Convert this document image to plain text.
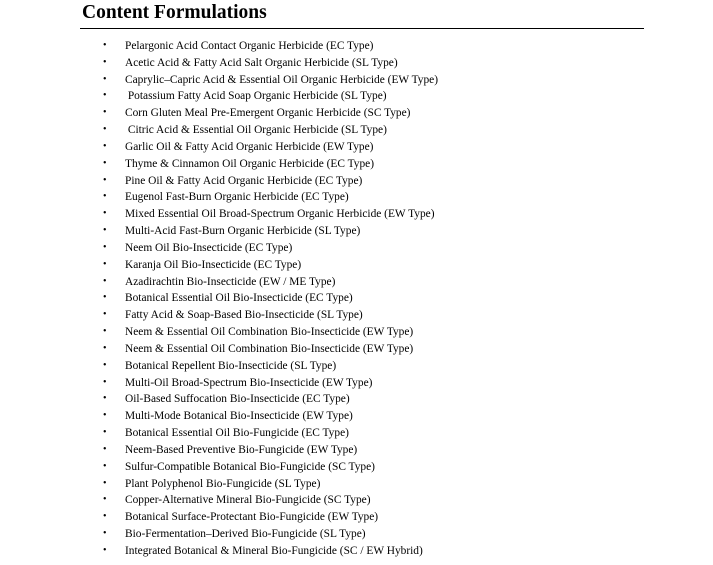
Content Formulations
• Pelargonic Acid Contact Organic Herbicide (EC Type)
• Acetic Acid & Fatty Acid Salt Organic Herbicide (SL Type)
• Caprylic–Capric Acid & Essential Oil Organic Herbicide (EW Type)
• Potassium Fatty Acid Soap Organic Herbicide (SL Type)
• Corn Gluten Meal Pre-Emergent Organic Herbicide (SC Type)
• Citric Acid & Essential Oil Organic Herbicide (SL Type)
• Garlic Oil & Fatty Acid Organic Herbicide (EW Type)
• Thyme & Cinnamon Oil Organic Herbicide (EC Type)
• Pine Oil & Fatty Acid Organic Herbicide (EC Type)
• Eugenol Fast-Burn Organic Herbicide (EC Type)
• Mixed Essential Oil Broad-Spectrum Organic Herbicide (EW Type)
• Multi-Acid Fast-Burn Organic Herbicide (SL Type)
• Neem Oil Bio-Insecticide (EC Type)
• Karanja Oil Bio-Insecticide (EC Type)
• Azadirachtin Bio-Insecticide (EW / ME Type)
• Botanical Essential Oil Bio-Insecticide (EC Type)
• Fatty Acid & Soap-Based Bio-Insecticide (SL Type)
• Neem & Essential Oil Combination Bio-Insecticide (EW Type)
• Neem & Essential Oil Combination Bio-Insecticide (EW Type)
• Botanical Repellent Bio-Insecticide (SL Type)
• Multi-Oil Broad-Spectrum Bio-Insecticide (EW Type)
• Oil-Based Suffocation Bio-Insecticide (EC Type)
• Multi-Mode Botanical Bio-Insecticide (EW Type)
• Botanical Essential Oil Bio-Fungicide (EC Type)
• Neem-Based Preventive Bio-Fungicide (EW Type)
• Sulfur-Compatible Botanical Bio-Fungicide (SC Type)
• Plant Polyphenol Bio-Fungicide (SL Type)
• Copper-Alternative Mineral Bio-Fungicide (SC Type)
• Botanical Surface-Protectant Bio-Fungicide (EW Type)
• Bio-Fermentation–Derived Bio-Fungicide (SL Type)
• Integrated Botanical & Mineral Bio-Fungicide (SC / EW Hybrid)
